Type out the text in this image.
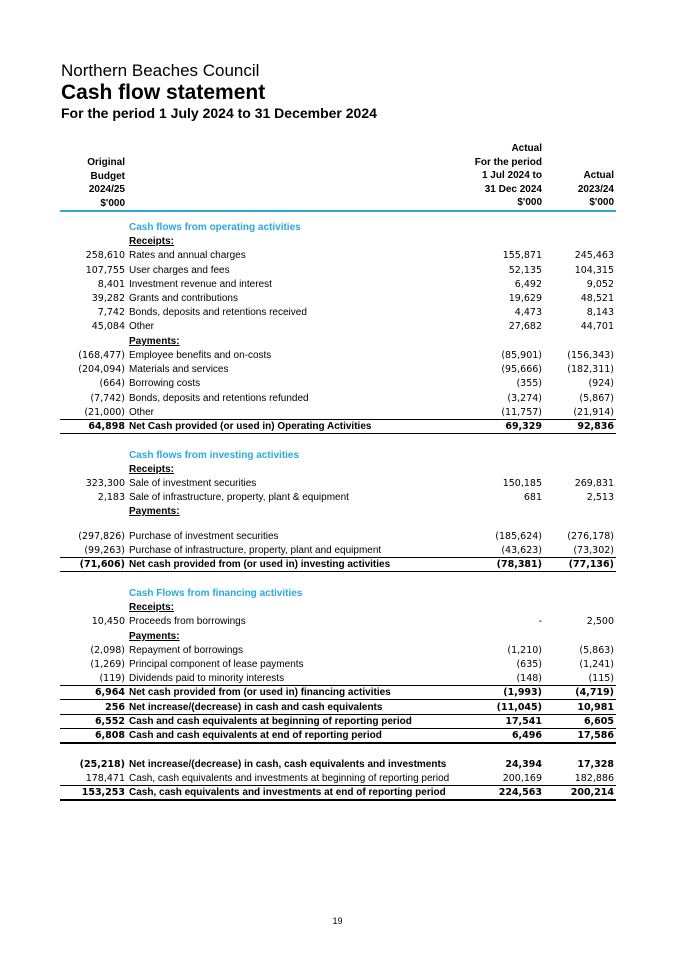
Northern Beaches Council
Cash flow statement
For the period 1 July 2024 to 31 December 2024
Original
Budget
2024/25
$'000
Actual
For the period
1 Jul 2024 to
31 Dec 2024
$'000
Actual
2023/24
$'000
Cash flows from operating activities
Receipts:
258,610 Rates and annual charges	155,871	245,463
107,755 User charges and fees	52,135	104,315
8,401 Investment revenue and interest	6,492	9,052
39,282 Grants and contributions	19,629	48,521
7,742 Bonds, deposits and retentions received	4,473	8,143
45,084 Other	27,682	44,701
Payments:
(168,477) Employee benefits and on-costs	(85,901)	(156,343)
(204,094) Materials and services	(95,666)	(182,311)
(664) Borrowing costs	(355)	(924)
(7,742) Bonds, deposits and retentions refunded	(3,274)	(5,867)
(21,000) Other	(11,757)	(21,914)
64,898 Net Cash provided (or used in) Operating Activities	69,329	92,836
Cash flows from investing activities
Receipts:
323,300 Sale of investment securities	150,185	269,831
2,183 Sale of infrastructure, property, plant & equipment	681	2,513
Payments:
(297,826) Purchase of investment securities	(185,624)	(276,178)
(99,263) Purchase of infrastructure, property, plant and equipment	(43,623)	(73,302)
(71,606) Net cash provided from (or used in) investing activities	(78,381)	(77,136)
Cash Flows from financing activities
Receipts:
10,450 Proceeds from borrowings	-	2,500
Payments:
(2,098) Repayment of borrowings	(1,210)	(5,863)
(1,269) Principal component of lease payments	(635)	(1,241)
(119) Dividends paid to minority interests	(148)	(115)
6,964 Net cash provided from (or used in) financing activities	(1,993)	(4,719)
256 Net increase/(decrease) in cash and cash equivalents	(11,045)	10,981
6,552 Cash and cash equivalents at beginning of reporting period	17,541	6,605
6,808 Cash and cash equivalents at end of reporting period	6,496	17,586
(25,218) Net increase/(decrease) in cash, cash equivalents and investments	24,394	17,328
178,471 Cash, cash equivalents and investments at beginning of reporting period	200,169	182,886
153,253 Cash, cash equivalents and investments at end of reporting period	224,563	200,214
19
